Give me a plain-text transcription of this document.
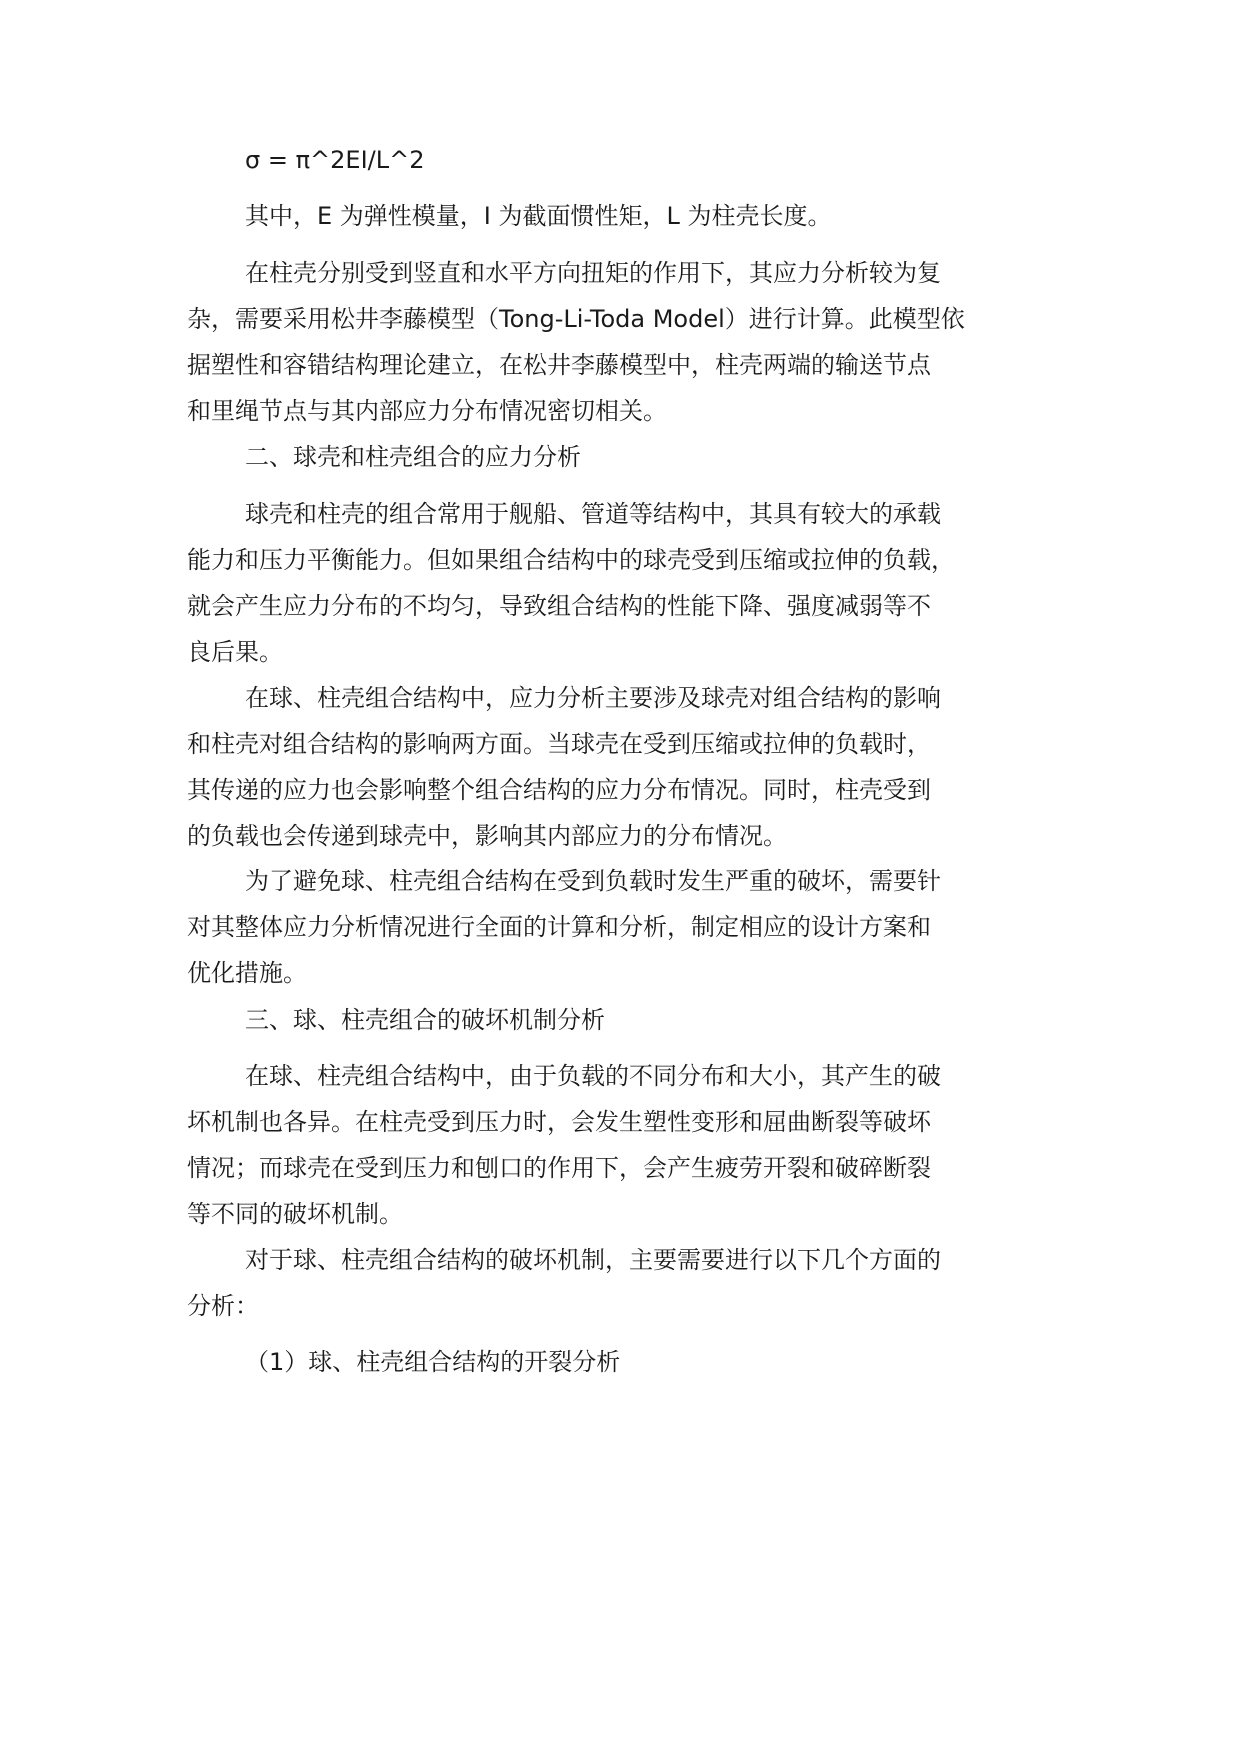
σ = π^2EI/L^2

其中，E 为弹性模量，I 为截面惯性矩，L 为柱壳长度。

在柱壳分别受到竖直和水平方向扭矩的作用下，其应力分析较为复
杂，需要采用松井李藤模型（Tong-Li-Toda Model）进行计算。此模型依
据塑性和容错结构理论建立，在松井李藤模型中，柱壳两端的输送节点
和里绳节点与其内部应力分布情况密切相关。

二、球壳和柱壳组合的应力分析

球壳和柱壳的组合常用于舰船、管道等结构中，其具有较大的承载
能力和压力平衡能力。但如果组合结构中的球壳受到压缩或拉伸的负载，
就会产生应力分布的不均匀，导致组合结构的性能下降、强度减弱等不
良后果。

在球、柱壳组合结构中，应力分析主要涉及球壳对组合结构的影响
和柱壳对组合结构的影响两方面。当球壳在受到压缩或拉伸的负载时，
其传递的应力也会影响整个组合结构的应力分布情况。同时，柱壳受到
的负载也会传递到球壳中，影响其内部应力的分布情况。

为了避免球、柱壳组合结构在受到负载时发生严重的破坏，需要针
对其整体应力分析情况进行全面的计算和分析，制定相应的设计方案和
优化措施。

三、球、柱壳组合的破坏机制分析

在球、柱壳组合结构中，由于负载的不同分布和大小，其产生的破
坏机制也各异。在柱壳受到压力时，会发生塑性变形和屈曲断裂等破坏
情况；而球壳在受到压力和刨口的作用下，会产生疲劳开裂和破碎断裂
等不同的破坏机制。

对于球、柱壳组合结构的破坏机制，主要需要进行以下几个方面的
分析：

（1）球、柱壳组合结构的开裂分析
